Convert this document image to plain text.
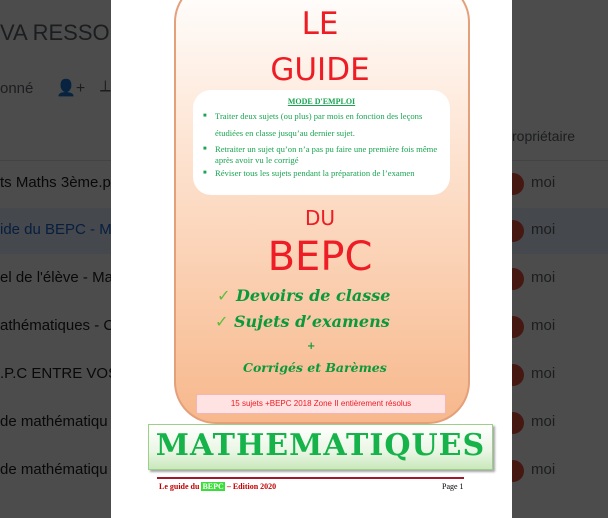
LE
GUIDE
MODE D'EMPLOI
■ Traiter deux sujets (ou plus) par mois en fonction des leçons étudiées en classe jusqu’au dernier sujet.
■ Retraiter un sujet qu’on n’a pas pu faire une première fois même après avoir vu le corrigé
■ Réviser tous les sujets pendant la préparation de l’examen
DU
BEPC
✓ Devoirs de classe
✓ Sujets d’examens
+
Corrigés et Barèmes
15 sujets +BEPC 2018 Zone II entièrement résolus
MATHEMATIQUES
Le guide du BEPC – Edition 2020	Page 1
